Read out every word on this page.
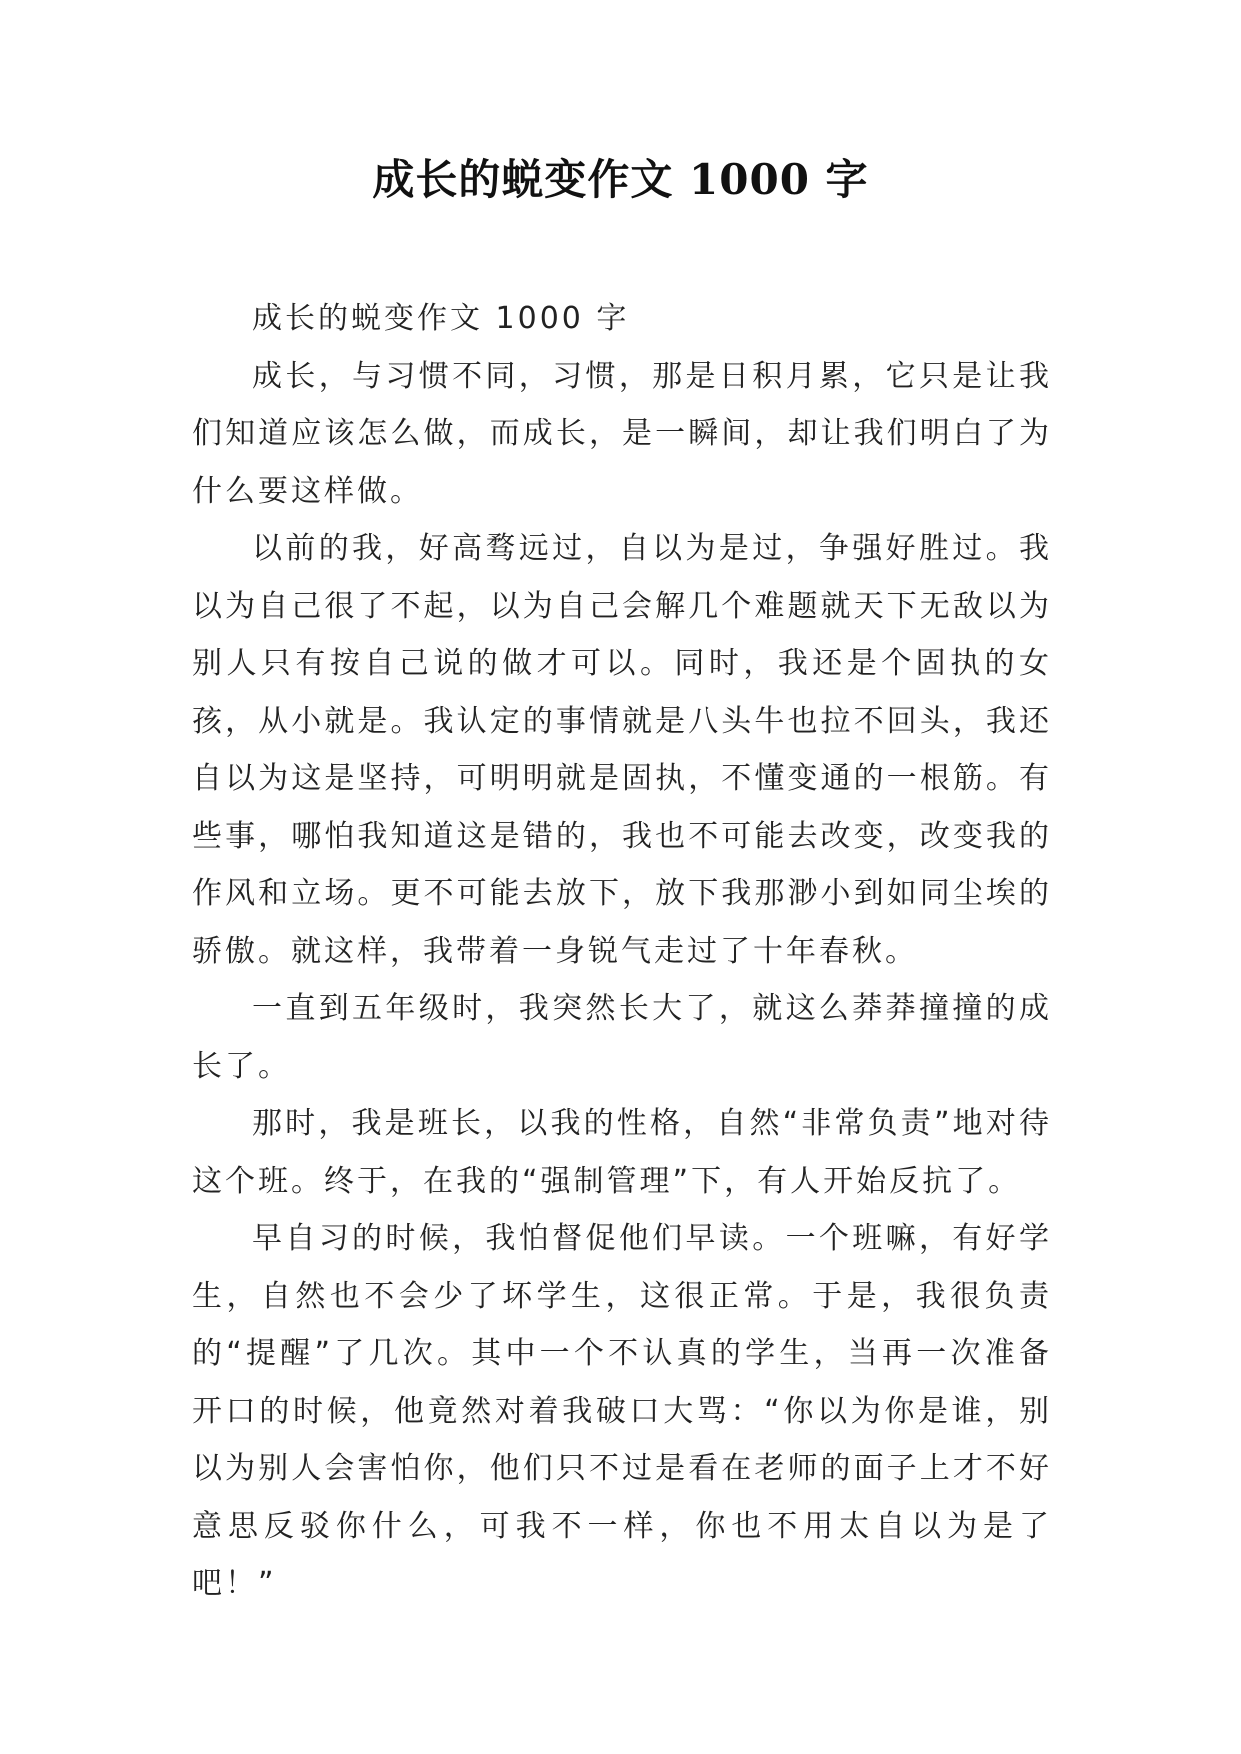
成长的蜕变作文 1000 字

成长的蜕变作文 1000 字

成长，与习惯不同，习惯，那是日积月累，它只是让我们知道应该怎么做，而成长，是一瞬间，却让我们明白了为什么要这样做。

以前的我，好高骛远过，自以为是过，争强好胜过。我以为自己很了不起，以为自己会解几个难题就天下无敌以为别人只有按自己说的做才可以。同时，我还是个固执的女孩，从小就是。我认定的事情就是八头牛也拉不回头，我还自以为这是坚持，可明明就是固执，不懂变通的一根筋。有些事，哪怕我知道这是错的，我也不可能去改变，改变我的作风和立场。更不可能去放下，放下我那渺小到如同尘埃的骄傲。就这样，我带着一身锐气走过了十年春秋。

一直到五年级时，我突然长大了，就这么莽莽撞撞的成长了。

那时，我是班长，以我的性格，自然“非常负责”地对待这个班。终于，在我的“强制管理”下，有人开始反抗了。

早自习的时候，我怕督促他们早读。一个班嘛，有好学生，自然也不会少了坏学生，这很正常。于是，我很负责的“提醒”了几次。其中一个不认真的学生，当再一次准备开口的时候，他竟然对着我破口大骂：“你以为你是谁，别以为别人会害怕你，他们只不过是看在老师的面子上才不好意思反驳你什么，可我不一样，你也不用太自以为是了吧！”
